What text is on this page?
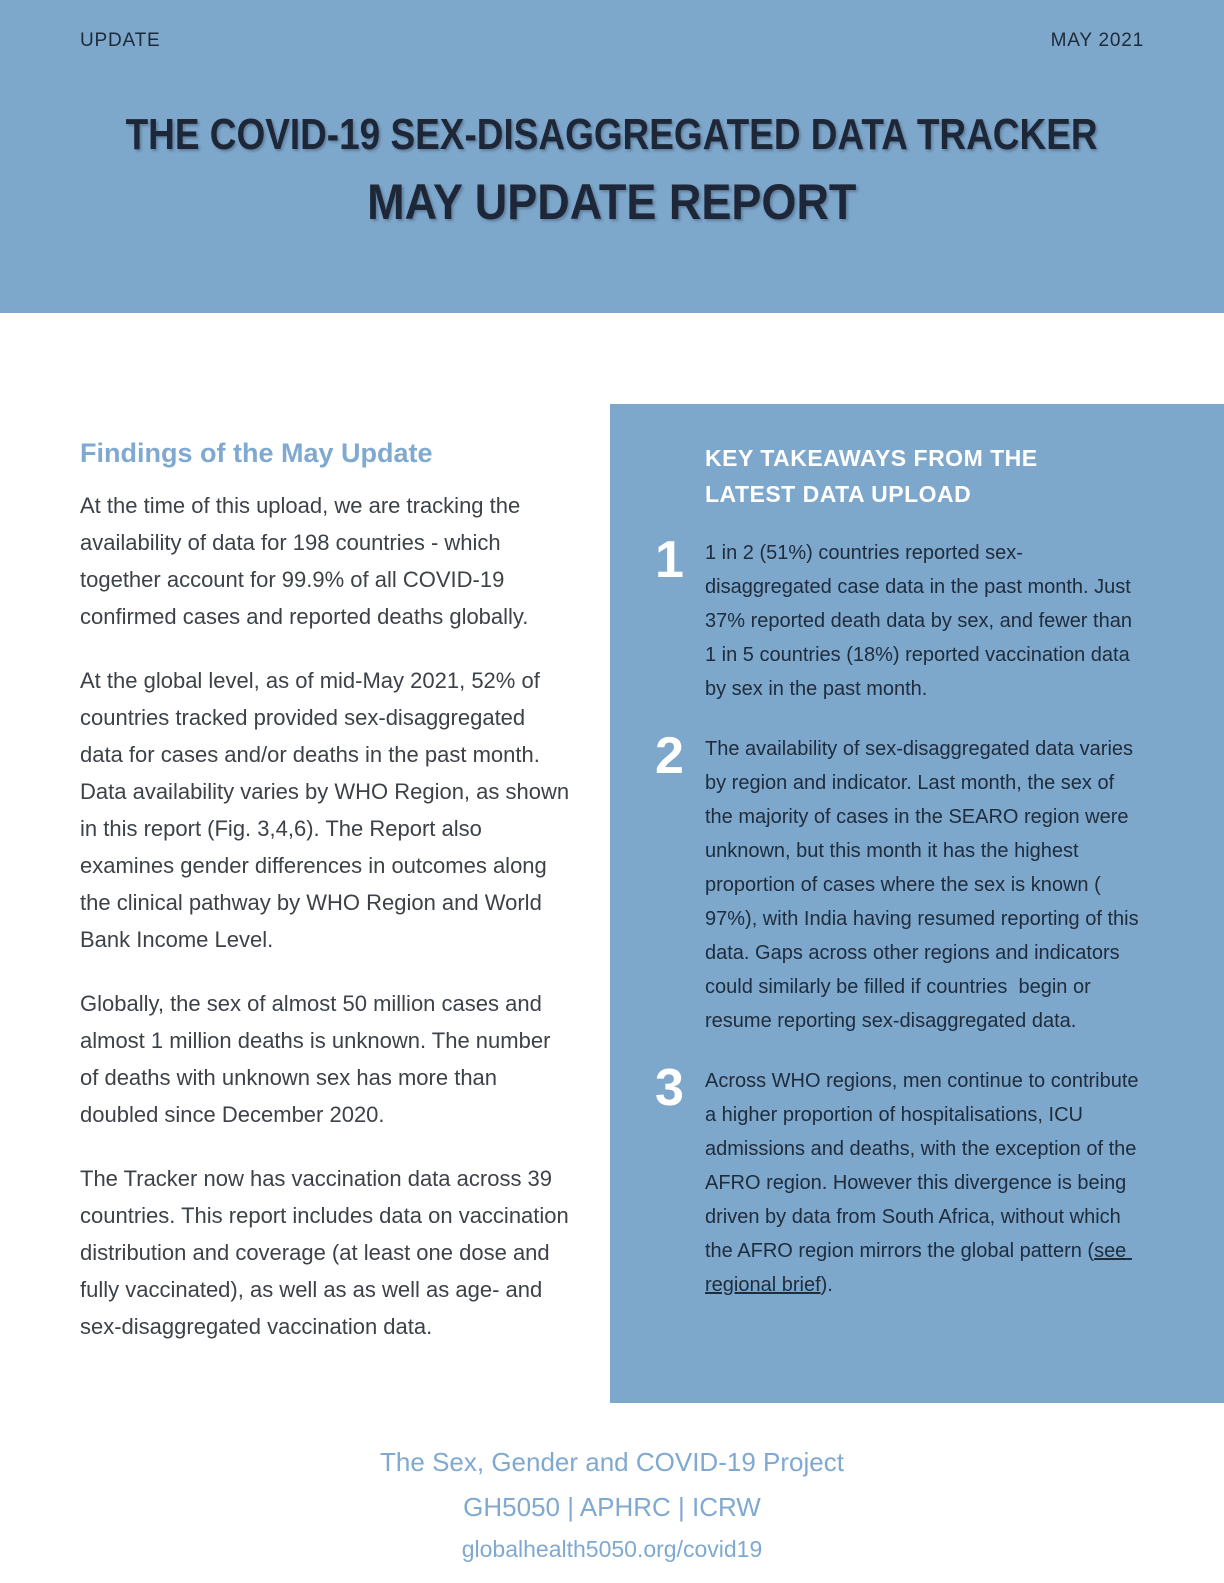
UPDATE	MAY 2021
THE COVID-19 SEX-DISAGGREGATED DATA TRACKER
MAY UPDATE REPORT
Findings of the May Update

At the time of this upload, we are tracking the availability of data for 198 countries - which together account for 99.9% of all COVID-19 confirmed cases and reported deaths globally.

At the global level, as of mid-May 2021, 52% of countries tracked provided sex-disaggregated data for cases and/or deaths in the past month. Data availability varies by WHO Region, as shown in this report (Fig. 3,4,6). The Report also examines gender differences in outcomes along the clinical pathway by WHO Region and World Bank Income Level.

Globally, the sex of almost 50 million cases and almost 1 million deaths is unknown. The number of deaths with unknown sex has more than doubled since December 2020.

The Tracker now has vaccination data across 39 countries. This report includes data on vaccination distribution and coverage (at least one dose and fully vaccinated), as well as as well as age- and sex-disaggregated vaccination data.

KEY TAKEAWAYS FROM THE LATEST DATA UPLOAD
1	1 in 2 (51%) countries reported sex-disaggregated case data in the past month. Just 37% reported death data by sex, and fewer than 1 in 5 countries (18%) reported vaccination data by sex in the past month.
2	The availability of sex-disaggregated data varies by region and indicator. Last month, the sex of the majority of cases in the SEARO region were unknown, but this month it has the highest proportion of cases where the sex is known ( 97%), with India having resumed reporting of this data. Gaps across other regions and indicators could similarly be filled if countries  begin or resume reporting sex-disaggregated data.
3	Across WHO regions, men continue to contribute a higher proportion of hospitalisations, ICU admissions and deaths, with the exception of the AFRO region. However this divergence is being driven by data from South Africa, without which the AFRO region mirrors the global pattern (see regional brief).
The Sex, Gender and COVID-19 Project
GH5050 | APHRC | ICRW
globalhealth5050.org/covid19
